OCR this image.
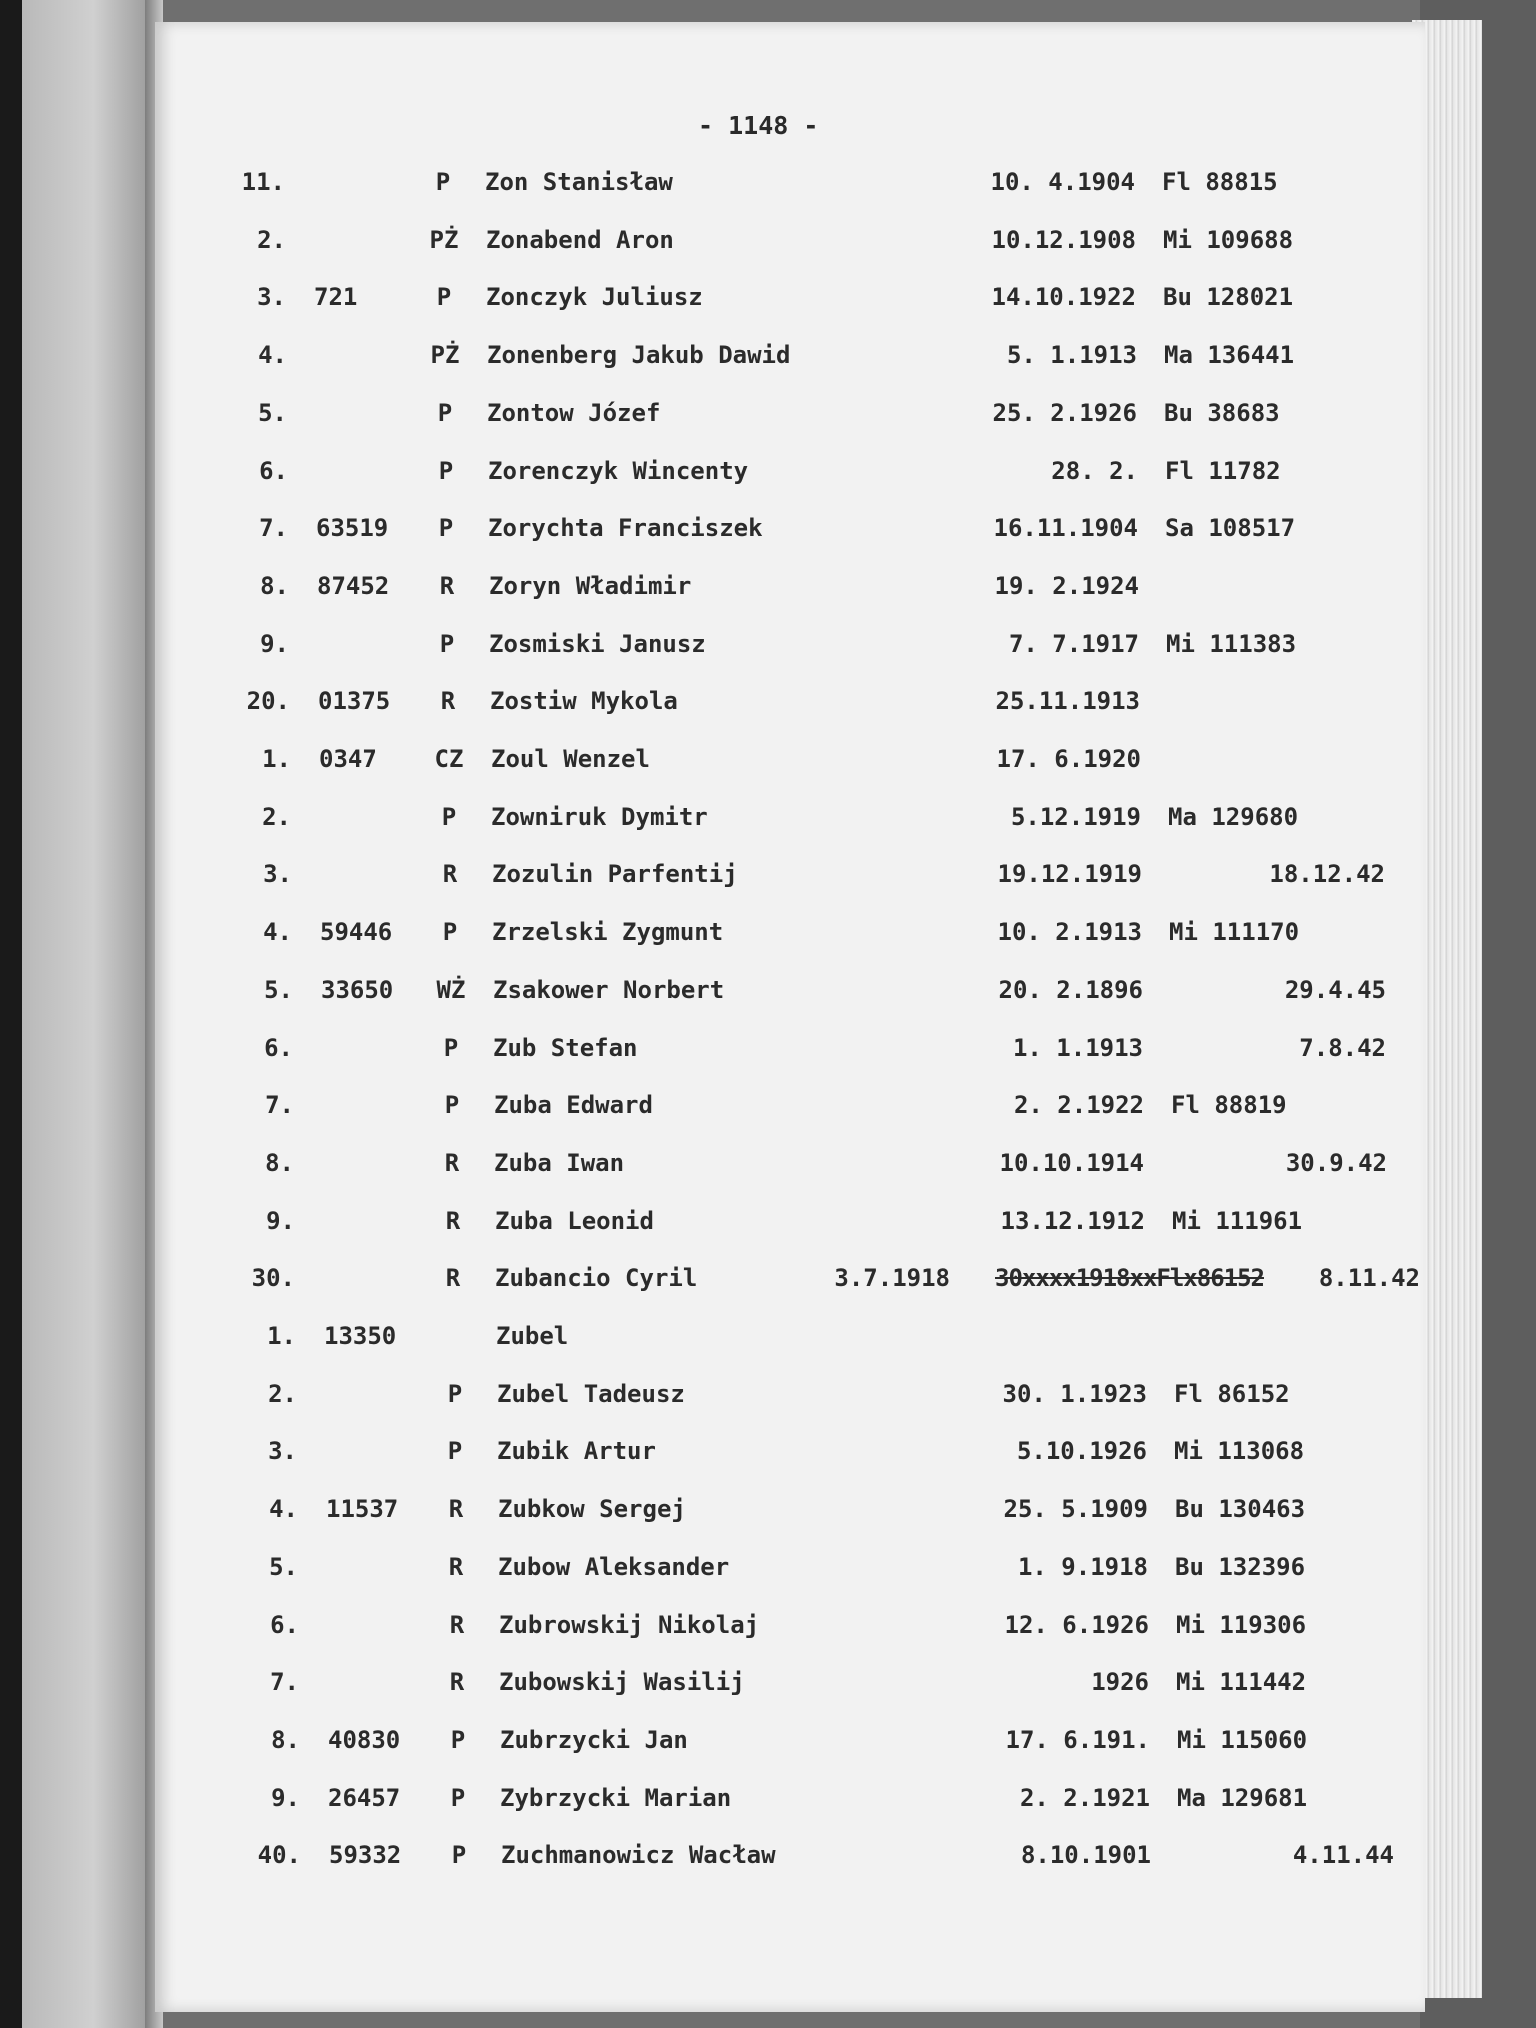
- 1148 -
11.	P	Zon Stanisław	10. 4.1904 Fl 88815
2.	PŻ	Zonabend Aron	10.12.1908 Mi 109688
3. 721	P	Zonczyk Juliusz	14.10.1922 Bu 128021
4.	PŻ	Zonenberg Jakub Dawid	5. 1.1913 Ma 136441
5.	P	Zontow Józef	25. 2.1926 Bu 38683
6.	P	Zorenczyk Wincenty	28. 2. Fl 11782
7. 63519	P	Zorychta Franciszek	16.11.1904 Sa 108517
8. 87452	R	Zoryn Władimir	19. 2.1924
9.	P	Zosmiski Janusz	7. 7.1917 Mi 111383
20. 01375	R	Zostiw Mykola	25.11.1913
1. 0347	CZ	Zoul Wenzel	17. 6.1920
2.	P	Zowniruk Dymitr	5.12.1919 Ma 129680
3.	R	Zozulin Parfentij	19.12.1919	18.12.42
4. 59446	P	Zrzelski Zygmunt	10. 2.1913 Mi 111170
5. 33650	WŻ	Zsakower Norbert	20. 2.1896	29.4.45
6.	P	Zub Stefan	1. 1.1913	7.8.42
7.	P	Zuba Edward	2. 2.1922 Fl 88819
8.	R	Zuba Iwan	10.10.1914	30.9.42
9.	R	Zuba Leonid	13.12.1912 Mi 111961
30.	R	Zubancio Cyril	3.7.1918 30xxxx1918xxFlx86152	8.11.42
1. 13350	Zubel
2.	P	Zubel Tadeusz	30. 1.1923 Fl 86152
3.	P	Zubik Artur	5.10.1926 Mi 113068
4. 11537	R	Zubkow Sergej	25. 5.1909 Bu 130463
5.	R	Zubow Aleksander	1. 9.1918 Bu 132396
6.	R	Zubrowskij Nikolaj	12. 6.1926 Mi 119306
7.	R	Zubowskij Wasilij	1926 Mi 111442
8. 40830	P	Zubrzycki Jan	17. 6.191. Mi 115060
9. 26457	P	Zybrzycki Marian	2. 2.1921 Ma 129681
40. 59332	P	Zuchmanowicz Wacław	8.10.1901	4.11.44
